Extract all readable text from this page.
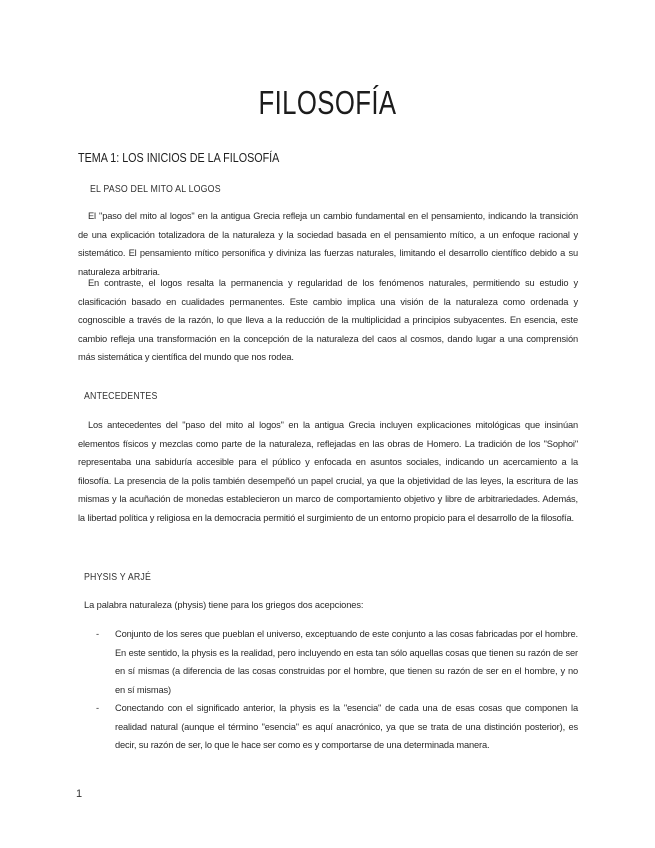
FILOSOFÍA
TEMA 1: LOS INICIOS DE LA FILOSOFÍA
EL PASO DEL MITO AL LOGOS

El "paso del mito al logos" en la antigua Grecia refleja un cambio fundamental en el pensamiento, indicando la transición de una explicación totalizadora de la naturaleza y la sociedad basada en el pensamiento mítico, a un enfoque racional y sistemático. El pensamiento mítico personifica y diviniza las fuerzas naturales, limitando el desarrollo científico debido a su naturaleza arbitraria.

En contraste, el logos resalta la permanencia y regularidad de los fenómenos naturales, permitiendo su estudio y clasificación basado en cualidades permanentes. Este cambio implica una visión de la naturaleza como ordenada y cognoscible a través de la razón, lo que lleva a la reducción de la multiplicidad a principios subyacentes. En esencia, este cambio refleja una transformación en la concepción de la naturaleza del caos al cosmos, dando lugar a una comprensión más sistemática y científica del mundo que nos rodea.

ANTECEDENTES

Los antecedentes del "paso del mito al logos" en la antigua Grecia incluyen explicaciones mitológicas que insinúan elementos físicos y mezclas como parte de la naturaleza, reflejadas en las obras de Homero. La tradición de los "Sophoi" representaba una sabiduría accesible para el público y enfocada en asuntos sociales, indicando un acercamiento a la filosofía. La presencia de la polis también desempeñó un papel crucial, ya que la objetividad de las leyes, la escritura de las mismas y la acuñación de monedas establecieron un marco de comportamiento objetivo y libre de arbitrariedades. Además, la libertad política y religiosa en la democracia permitió el surgimiento de un entorno propicio para el desarrollo de la filosofía.

PHYSIS Y ARJÉ
La palabra naturaleza (physis) tiene para los griegos dos acepciones:
- Conjunto de los seres que pueblan el universo, exceptuando de este conjunto a las cosas fabricadas por el hombre. En este sentido, la physis es la realidad, pero incluyendo en esta tan sólo aquellas cosas que tienen su razón de ser en sí mismas (a diferencia de las cosas construidas por el hombre, que tienen su razón de ser en el hombre, y no en sí mismas)
- Conectando con el significado anterior, la physis es la "esencia" de cada una de esas cosas que componen la realidad natural (aunque el término "esencia" es aquí anacrónico, ya que se trata de una distinción posterior), es decir, su razón de ser, lo que le hace ser como es y comportarse de una determinada manera.
1
